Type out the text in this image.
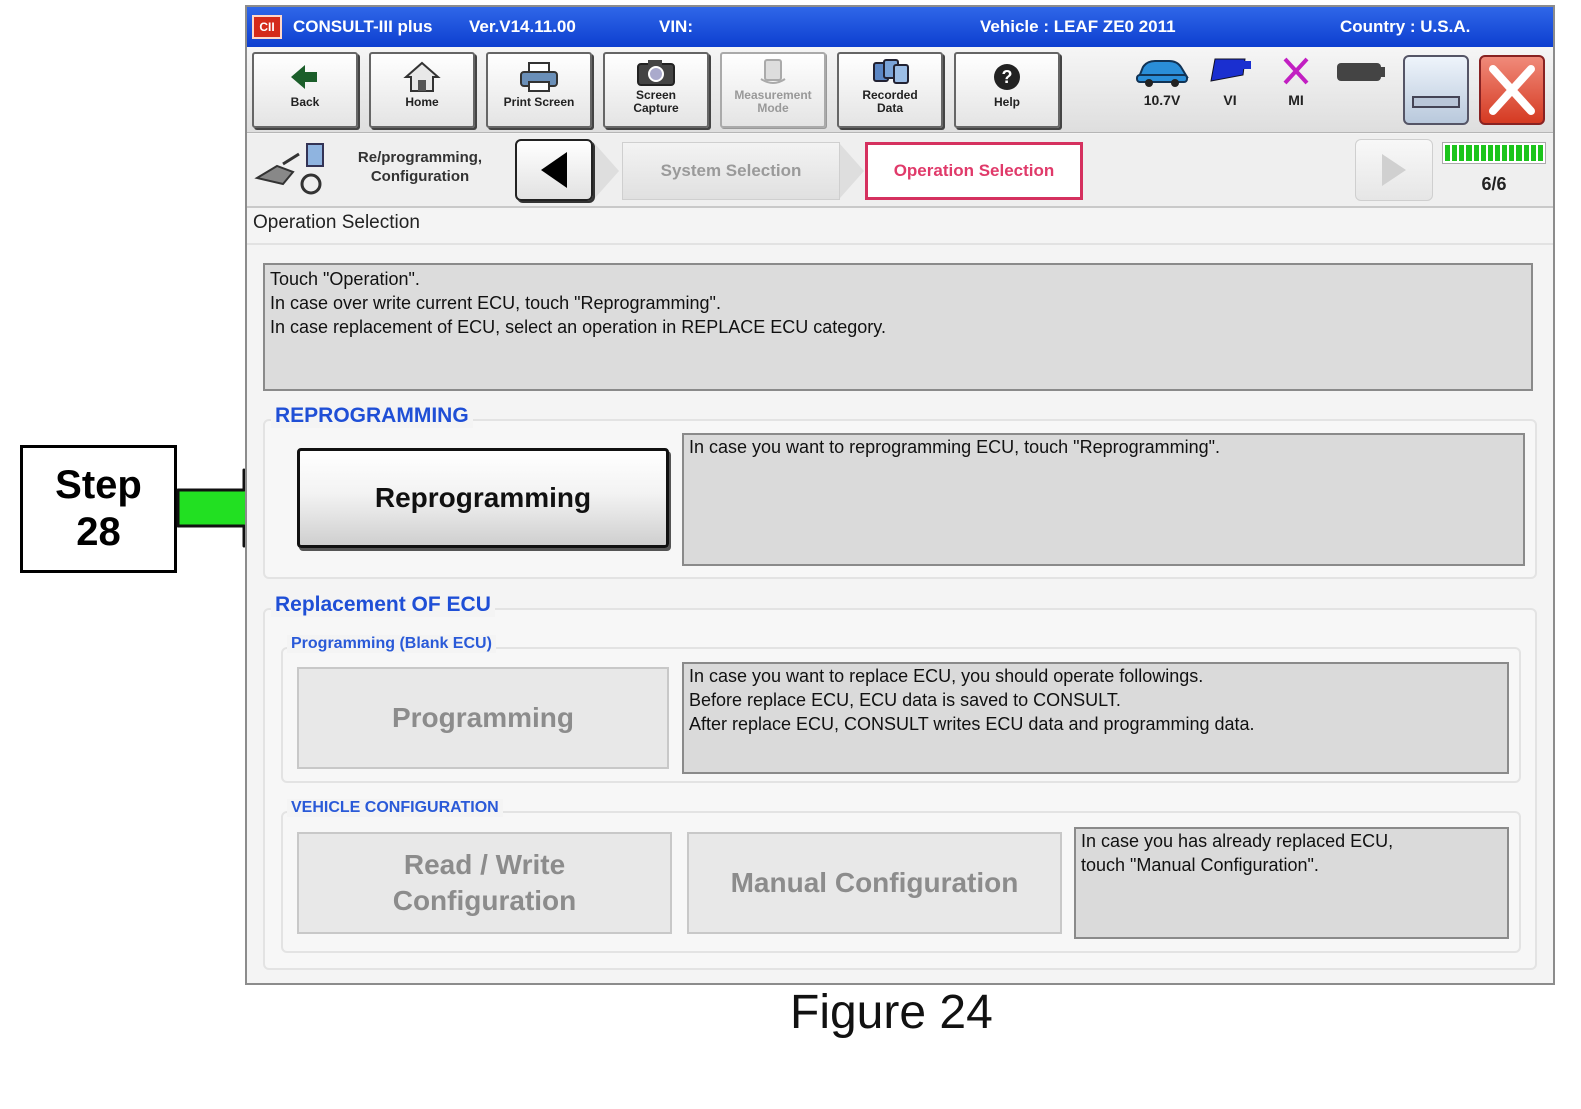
Step
28
CII	CONSULT-III plus Ver.V14.11.00	VIN:	Vehicle : LEAF ZE0 2011	Country : U.S.A.
Back	Home	Print Screen	Screen Capture
Measurement Mode
Recorded Data
?
Help	10.7V	VI	MI
Re/programming,
Configuration	System Selection	Operation Selection
6/6
Operation Selection
Touch "Operation".
In case over write current ECU, touch "Reprogramming".
In case replacement of ECU, select an operation in REPLACE ECU category.
REPROGRAMMING
Reprogramming
In case you want to reprogramming ECU, touch "Reprogramming".
Replacement OF ECU
Programming (Blank ECU)
Programming
In case you want to replace ECU, you should operate followings.
Before replace ECU, ECU data is saved to CONSULT.
After replace ECU, CONSULT writes ECU data and programming data.
VEHICLE CONFIGURATION
Read / Write
Configuration
Manual Configuration
In case you has already replaced ECU,
touch "Manual Configuration".
Figure 24
